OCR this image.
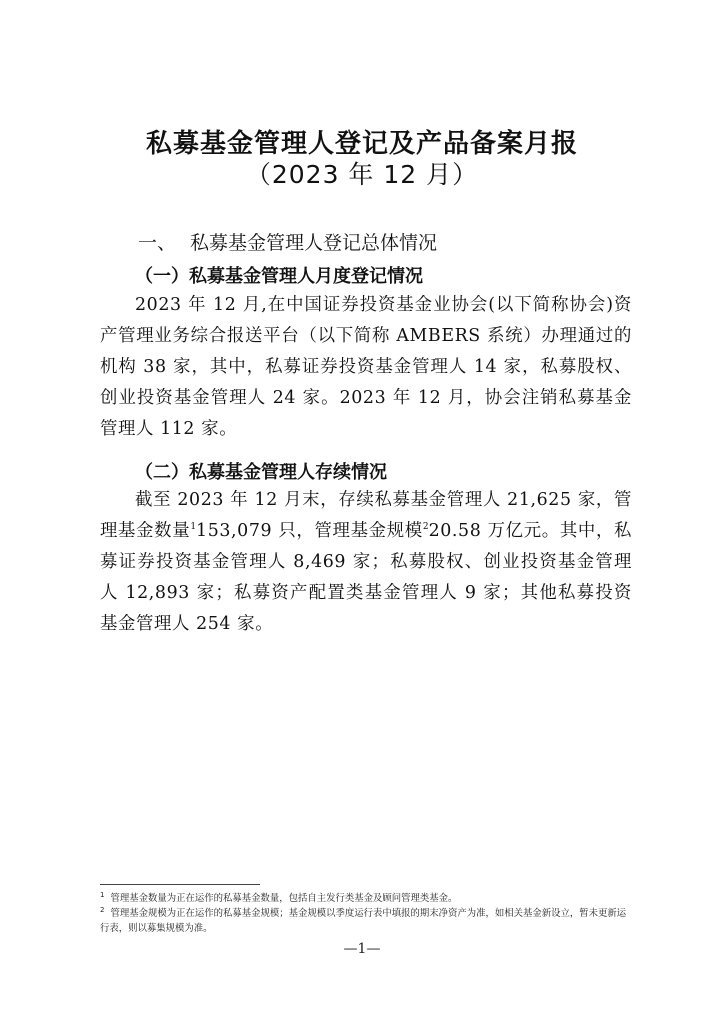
私募基金管理人登记及产品备案月报
（2023 年 12 月）
一、 私募基金管理人登记总体情况
（一）私募基金管理人月度登记情况
2023 年 12 月,在中国证券投资基金业协会(以下简称协会)资产管理业务综合报送平台（以下简称 AMBERS 系统）办理通过的机构 38 家，其中，私募证券投资基金管理人 14 家，私募股权、创业投资基金管理人 24 家。2023 年 12 月，协会注销私募基金管理人 112 家。
（二）私募基金管理人存续情况
截至 2023 年 12 月末，存续私募基金管理人 21,625 家，管理基金数量$^1$153,079 只，管理基金规模$^2$20.58 万亿元。其中，私募证券投资基金管理人 8,469 家；私募股权、创业投资基金管理人 12,893 家；私募资产配置类基金管理人 9 家；其他私募投资基金管理人 254 家。
$^1$ 管理基金数量为正在运作的私募基金数量，包括自主发行类基金及顾问管理类基金。
$^2$ 管理基金规模为正在运作的私募基金规模；基金规模以季度运行表中填报的期末净资产为准，如相关基金新设立，暂未更新运行表，则以募集规模为准。
—1—
